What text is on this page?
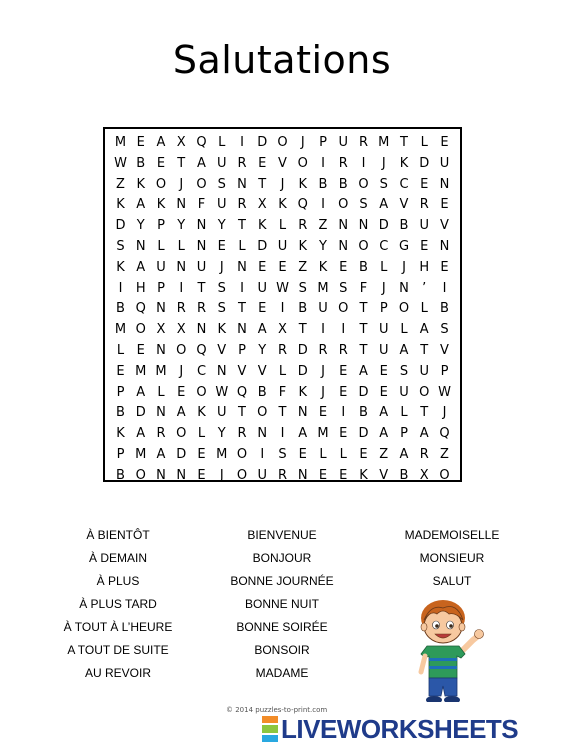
Salutations
M E A X Q L	I	D O	J	P U R M T L E
W B E T A U R E V O	I	R	I	J	K D U
Z K O	J	O S N T	J	K B B O S C E N
K A K N F U R X K Q	I	O S A V R E
D Y P Y N Y T K L R Z N N D B U V
S N L	L N E L D U K Y N O C G E N
K A U N U	J	N E E Z K E B L	J	H E
I	H P	I	T S	I	U W S M S F	J	N	’	I
B Q N R R S T E	I	B U O T P O L B
M O X X N K N A X T	I	I	T U L A S
L E N O Q V P Y R D R R T U A T V
E M M J	C N V V L D	J	E A E S U P
P A L E O W Q B F K	J	E D E U O W
B D N A K U T O T N E	I	B A L T	J
K A R O L Y R N	I	A M E D A P A Q
P M A D E M O	I	S E L	L E Z A R Z
B O N N E	J	O U R N E E K V B X O
À BIENTÔT
À DEMAIN
À PLUS
À PLUS TARD
À TOUT À L’HEURE
A TOUT DE SUITE
AU REVOIR
BIENVENUE
BONJOUR
BONNE JOURNÉE
BONNE NUIT
BONNE SOIRÉE
BONSOIR
MADAME
MADEMOISELLE
MONSIEUR
SALUT
© 2014 puzzles-to-print.com
LIVEWORKSHEETS
